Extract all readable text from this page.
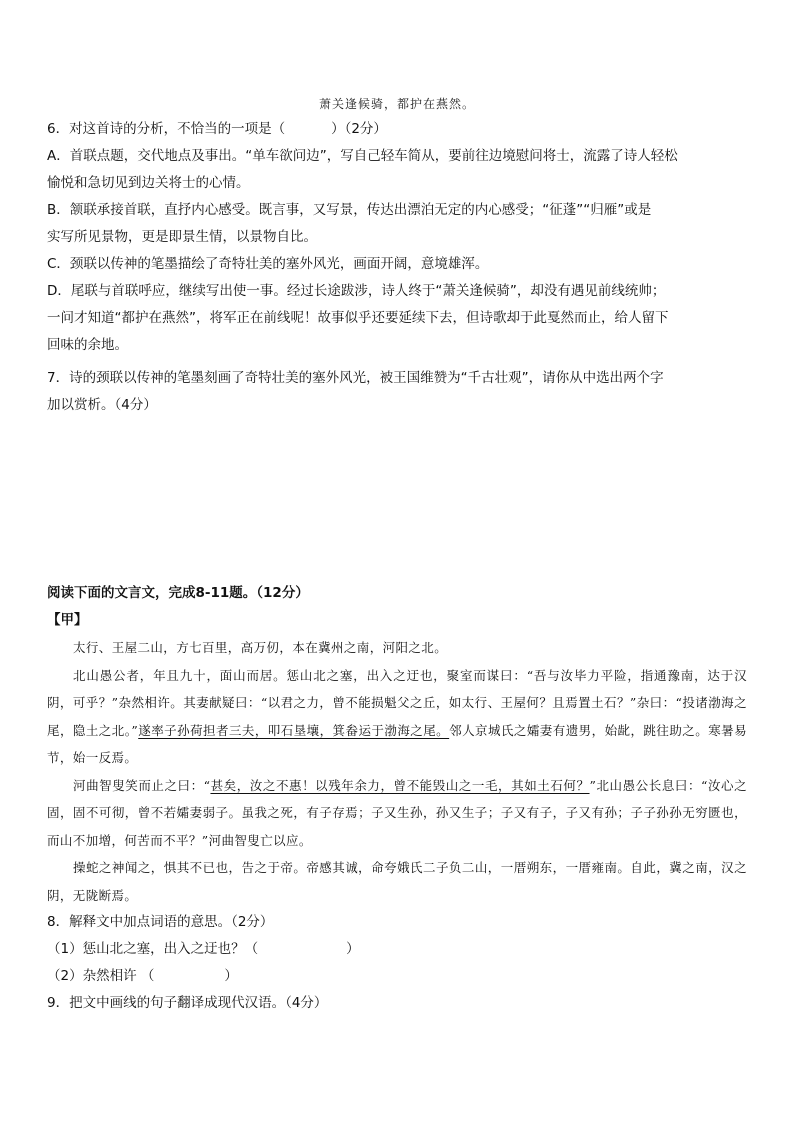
萧关逢候骑，都护在燕然。

6．对这首诗的分析，不恰当的一项是（	）（2分）

A．首联点题，交代地点及事出。“单车欲问边”，写自己轻车简从，要前往边境慰问将士，流露了诗人轻松

愉悦和急切见到边关将士的心情。

B．颔联承接首联，直抒内心感受。既言事，又写景，传达出漂泊无定的内心感受；“征蓬”“归雁”或是

实写所见景物，更是即景生情，以景物自比。

C．颈联以传神的笔墨描绘了奇特壮美的塞外风光，画面开阔，意境雄浑。

D．尾联与首联呼应，继续写出使一事。经过长途跋涉，诗人终于“萧关逢候骑”，却没有遇见前线统帅；

一问才知道“都护在燕然”，将军正在前线呢！故事似乎还要延续下去，但诗歌却于此戛然而止，给人留下

回味的余地。

7．诗的颈联以传神的笔墨刻画了奇特壮美的塞外风光，被王国维赞为“千古壮观”，请你从中选出两个字

加以赏析。（4分）

阅读下面的文言文，完成8-11题。（12分）

【甲】

太行、王屋二山，方七百里，高万仞，本在冀州之南，河阳之北。

北山愚公者，年且九十，面山而居。惩山北之塞，出入之迂也，聚室而谋曰：“吾与汝毕力平险，指通豫南，达于汉阴，可乎？”杂然相许。其妻献疑曰：“以君之力，曾不能损魁父之丘，如太行、王屋何？且焉置土石？”杂曰：“投诸渤海之尾，隐土之北。”遂率子孙荷担者三夫，叩石垦壤，箕畚运于渤海之尾。邻人京城氏之孀妻有遗男，始龀，跳往助之。寒暑易节，始一反焉。

河曲智叟笑而止之曰：“甚矣，汝之不惠！以残年余力，曾不能毁山之一毛，其如土石何？”北山愚公长息曰：“汝心之固，固不可彻，曾不若孀妻弱子。虽我之死，有子存焉；子又生孙，孙又生子；子又有子，子又有孙；子子孙孙无穷匮也，而山不加增，何苦而不平？”河曲智叟亡以应。

操蛇之神闻之，惧其不已也，告之于帝。帝感其诚，命夸娥氏二子负二山，一厝朔东，一厝雍南。自此，冀之南，汉之阴，无陇断焉。

8．解释文中加点词语的意思。（2分）

（1）惩山北之塞，出入之迂也？（	）

（2）杂然相许 （	）

9．把文中画线的句子翻译成现代汉语。（4分）
